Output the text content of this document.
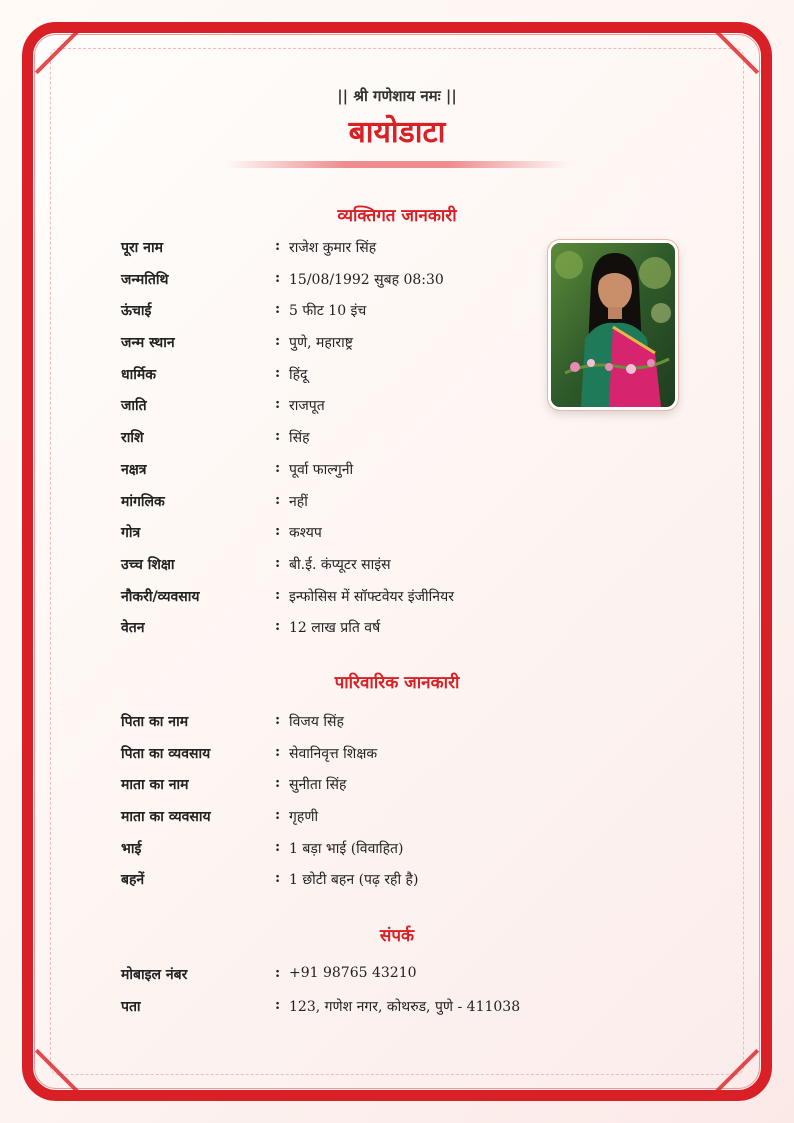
|| श्री गणेशाय नमः ||
बायोडाटा
व्यक्तिगत जानकारी
पूरा नाम	: राजेश कुमार सिंह
जन्मतिथि	: 15/08/1992 सुबह 08:30
ऊंचाई	: 5 फीट 10 इंच
जन्म स्थान	: पुणे, महाराष्ट्र
धार्मिक	: हिंदू
जाति	: राजपूत
राशि	: सिंह
नक्षत्र	: पूर्वा फाल्गुनी
मांगलिक	: नहीं
गोत्र	: कश्यप
उच्च शिक्षा	: बी.ई. कंप्यूटर साइंस
नौकरी/व्यवसाय	: इन्फोसिस में सॉफ्टवेयर इंजीनियर
वेतन	: 12 लाख प्रति वर्ष
पारिवारिक जानकारी
पिता का नाम	: विजय सिंह
पिता का व्यवसाय	: सेवानिवृत्त शिक्षक
माता का नाम	: सुनीता सिंह
माता का व्यवसाय	: गृहणी
भाई	: 1 बड़ा भाई (विवाहित)
बहनें	: 1 छोटी बहन (पढ़ रही है)
संपर्क
मोबाइल नंबर	: +91 98765 43210
पता	: 123, गणेश नगर, कोथरुड, पुणे - 411038
